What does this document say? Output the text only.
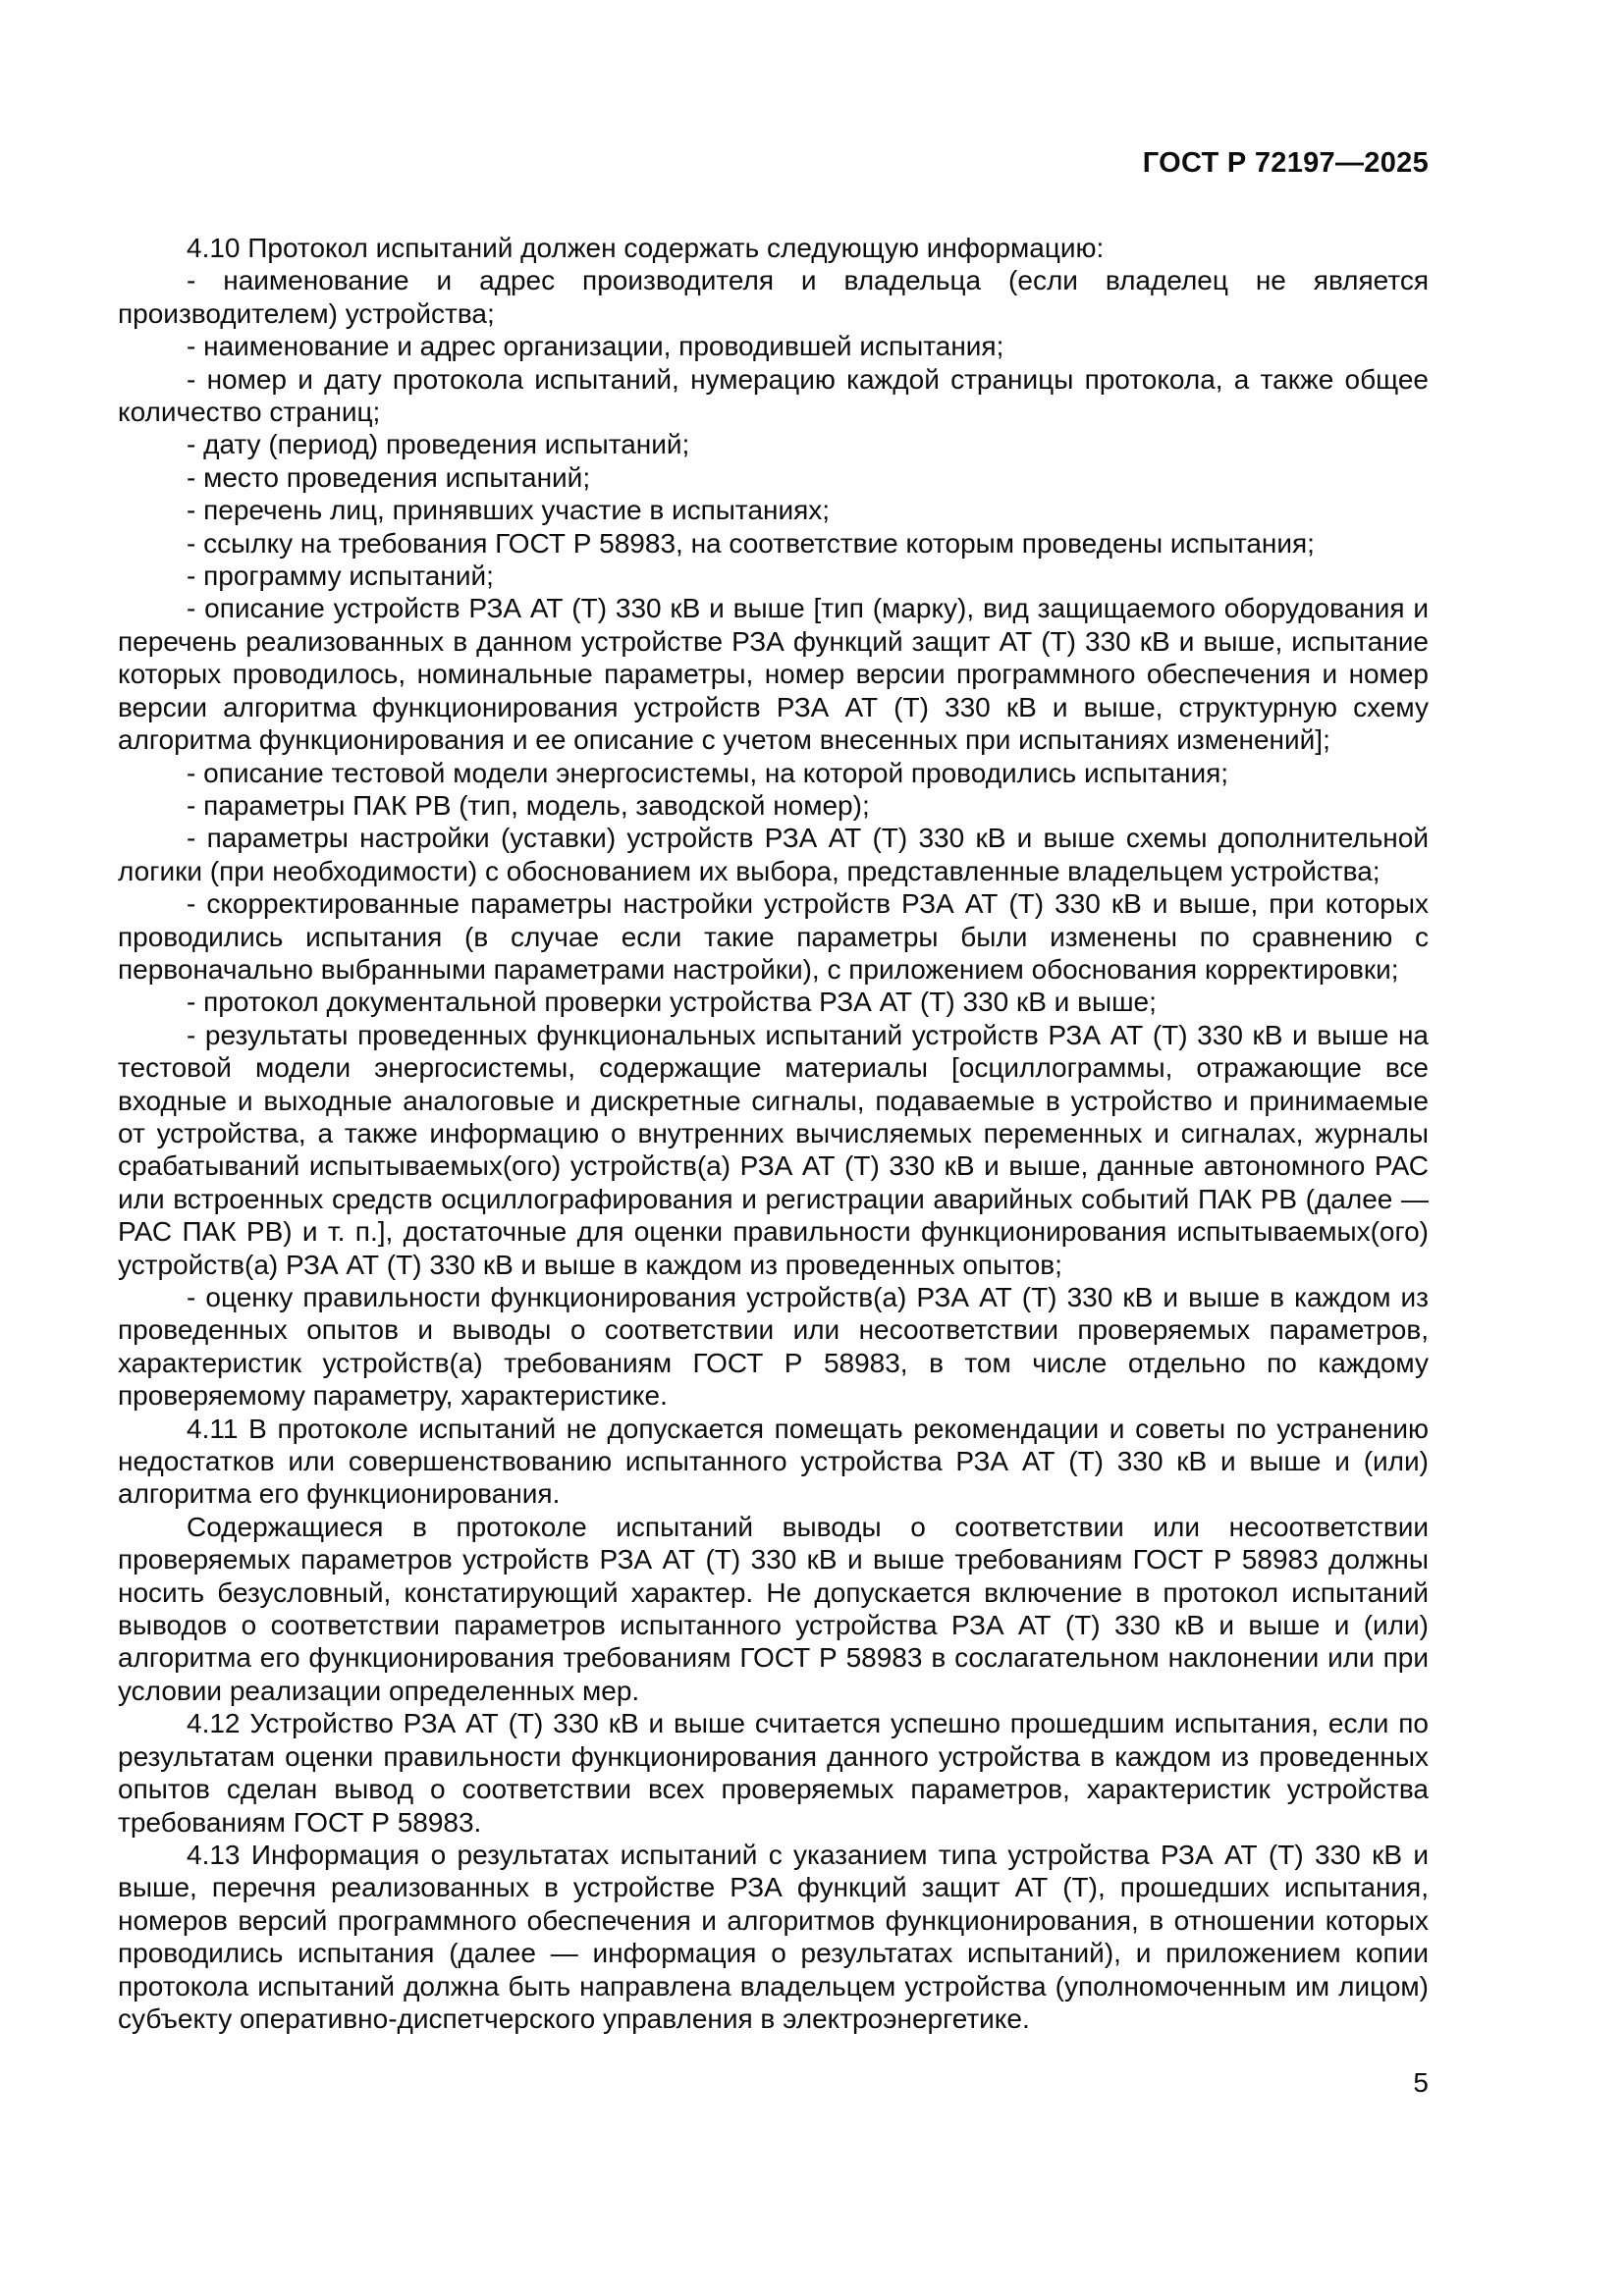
ГОСТ Р 72197—2025

4.10 Протокол испытаний должен содержать следующую информацию:

- наименование и адрес производителя и владельца (если владелец не является производителем) устройства;

- наименование и адрес организации, проводившей испытания;

- номер и дату протокола испытаний, нумерацию каждой страницы протокола, а также общее количество страниц;

- дату (период) проведения испытаний;

- место проведения испытаний;

- перечень лиц, принявших участие в испытаниях;

- ссылку на требования ГОСТ Р 58983, на соответствие которым проведены испытания;

- программу испытаний;

- описание устройств РЗА АТ (Т) 330 кВ и выше [тип (марку), вид защищаемого оборудования и перечень реализованных в данном устройстве РЗА функций защит АТ (Т) 330 кВ и выше, испытание которых проводилось, номинальные параметры, номер версии программного обеспечения и номер версии алгоритма функционирования устройств РЗА АТ (Т) 330 кВ и выше, структурную схему алгоритма функционирования и ее описание с учетом внесенных при испытаниях изменений];

- описание тестовой модели энергосистемы, на которой проводились испытания;

- параметры ПАК РВ (тип, модель, заводской номер);

- параметры настройки (уставки) устройств РЗА АТ (Т) 330 кВ и выше схемы дополнительной логики (при необходимости) с обоснованием их выбора, представленные владельцем устройства;

- скорректированные параметры настройки устройств РЗА АТ (Т) 330 кВ и выше, при которых проводились испытания (в случае если такие параметры были изменены по сравнению с первоначально выбранными параметрами настройки), с приложением обоснования корректировки;

- протокол документальной проверки устройства РЗА АТ (Т) 330 кВ и выше;

- результаты проведенных функциональных испытаний устройств РЗА АТ (Т) 330 кВ и выше на тестовой модели энергосистемы, содержащие материалы [осциллограммы, отражающие все входные и выходные аналоговые и дискретные сигналы, подаваемые в устройство и принимаемые от устройства, а также информацию о внутренних вычисляемых переменных и сигналах, журналы срабатываний испытываемых(ого) устройств(а) РЗА АТ (Т) 330 кВ и выше, данные автономного РАС или встроенных средств осциллографирования и регистрации аварийных событий ПАК РВ (далее — РАС ПАК РВ) и т. п.], достаточные для оценки правильности функционирования испытываемых(ого) устройств(а) РЗА АТ (Т) 330 кВ и выше в каждом из проведенных опытов;

- оценку правильности функционирования устройств(а) РЗА АТ (Т) 330 кВ и выше в каждом из проведенных опытов и выводы о соответствии или несоответствии проверяемых параметров, характеристик устройств(а) требованиям ГОСТ Р 58983, в том числе отдельно по каждому проверяемому параметру, характеристике.

4.11 В протоколе испытаний не допускается помещать рекомендации и советы по устранению недостатков или совершенствованию испытанного устройства РЗА АТ (Т) 330 кВ и выше и (или) алгоритма его функционирования.

Содержащиеся в протоколе испытаний выводы о соответствии или несоответствии проверяемых параметров устройств РЗА АТ (Т) 330 кВ и выше требованиям ГОСТ Р 58983 должны носить безусловный, констатирующий характер. Не допускается включение в протокол испытаний выводов о соответствии параметров испытанного устройства РЗА АТ (Т) 330 кВ и выше и (или) алгоритма его функционирования требованиям ГОСТ Р 58983 в сослагательном наклонении или при условии реализации определенных мер.

4.12 Устройство РЗА АТ (Т) 330 кВ и выше считается успешно прошедшим испытания, если по результатам оценки правильности функционирования данного устройства в каждом из проведенных опытов сделан вывод о соответствии всех проверяемых параметров, характеристик устройства требованиям ГОСТ Р 58983.

4.13 Информация о результатах испытаний с указанием типа устройства РЗА АТ (Т) 330 кВ и выше, перечня реализованных в устройстве РЗА функций защит АТ (Т), прошедших испытания, номеров версий программного обеспечения и алгоритмов функционирования, в отношении которых проводились испытания (далее — информация о результатах испытаний), и приложением копии протокола испытаний должна быть направлена владельцем устройства (уполномоченным им лицом) субъекту оперативно-диспетчерского управления в электроэнергетике.

5
